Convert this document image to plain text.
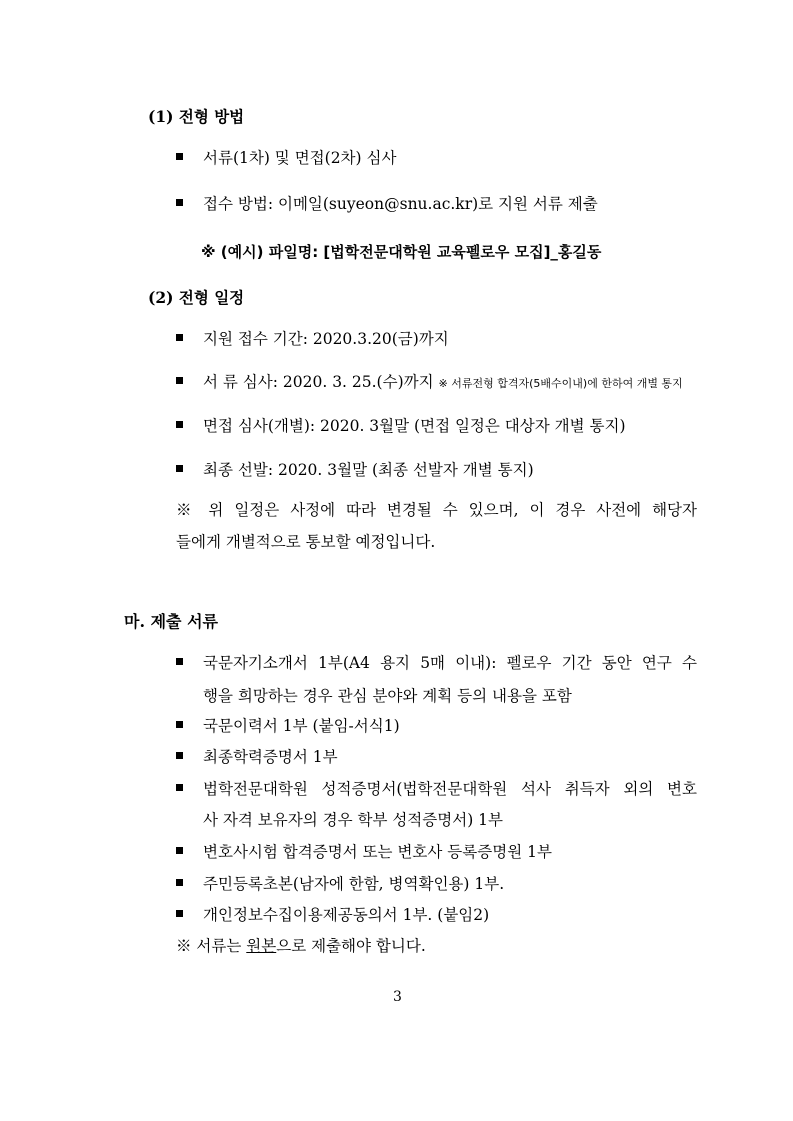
(1) 전형 방법
서류(1차) 및 면접(2차) 심사
접수 방법: 이메일(suyeon@snu.ac.kr)로 지원 서류 제출
※ (예시) 파일명: [법학전문대학원 교육펠로우 모집]_홍길동
(2) 전형 일정
지원 접수 기간: 2020.3.20(금)까지
서 류 심사: 2020. 3. 25.(수)까지 ※ 서류전형 합격자(5배수이내)에 한하여 개별 통지
면접 심사(개별): 2020. 3월말 (면접 일정은 대상자 개별 통지)
최종 선발: 2020. 3월말 (최종 선발자 개별 통지)
※ 위 일정은 사정에 따라 변경될 수 있으며, 이 경우 사전에 해당자
들에게 개별적으로 통보할 예정입니다.
마. 제출 서류
국문자기소개서 1부(A4 용지 5매 이내): 펠로우 기간 동안 연구 수
행을 희망하는 경우 관심 분야와 계획 등의 내용을 포함
국문이력서 1부 (붙임-서식1)
최종학력증명서 1부
법학전문대학원 성적증명서(법학전문대학원 석사 취득자 외의 변호
사 자격 보유자의 경우 학부 성적증명서) 1부
변호사시험 합격증명서 또는 변호사 등록증명원 1부
주민등록초본(남자에 한함, 병역확인용) 1부.
개인정보수집이용제공동의서 1부. (붙임2)
※ 서류는 원본으로 제출해야 합니다.
3
